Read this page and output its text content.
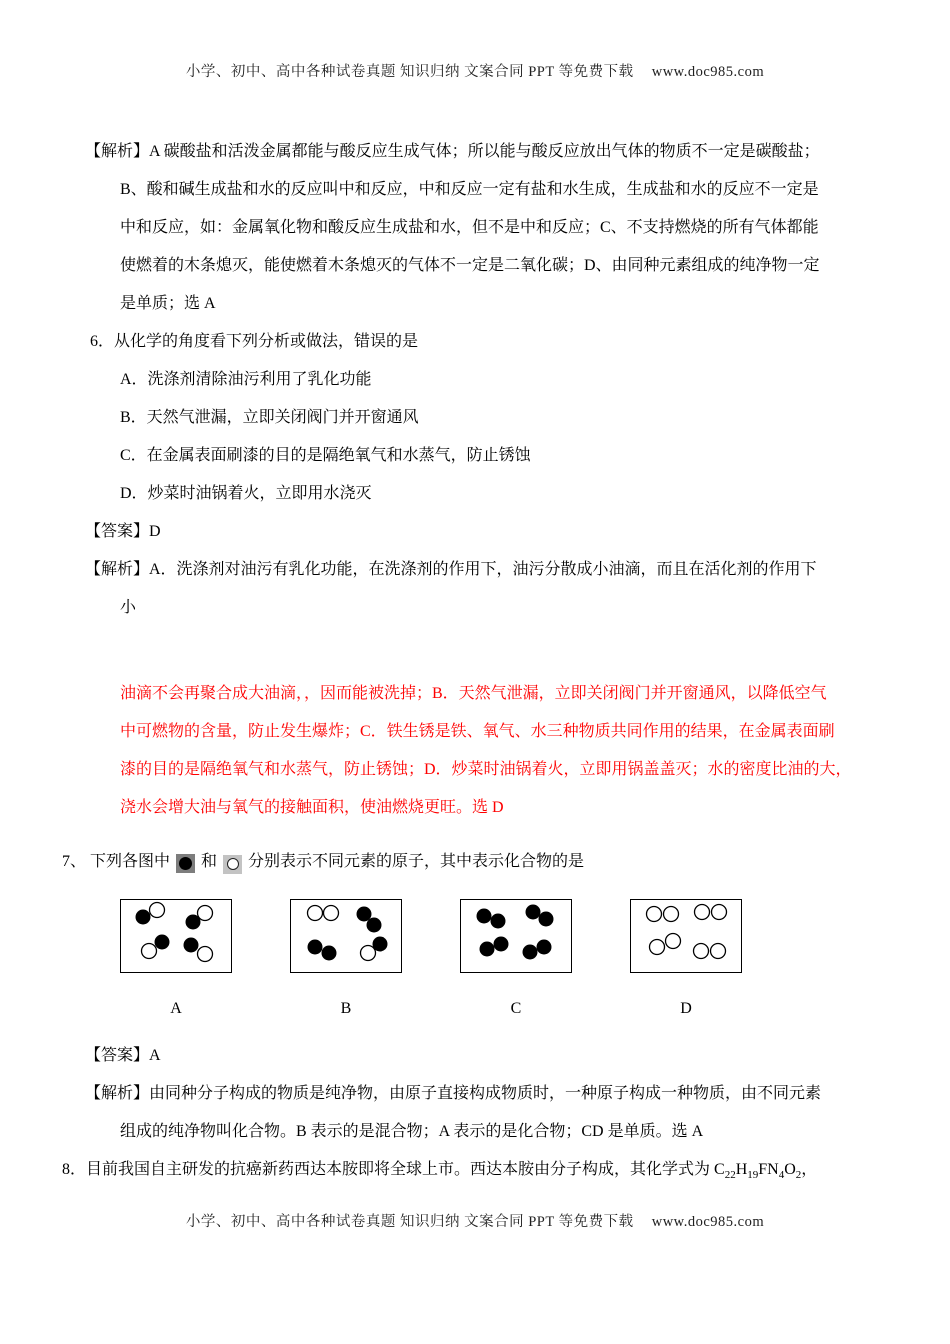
小学、初中、高中各种试卷真题 知识归纳 文案合同 PPT 等免费下载 www.doc985.com
【解析】A 碳酸盐和活泼金属都能与酸反应生成气体；所以能与酸反应放出气体的物质不一定是碳酸盐；
B、酸和碱生成盐和水的反应叫中和反应，中和反应一定有盐和水生成，生成盐和水的反应不一定是
中和反应，如：金属氧化物和酸反应生成盐和水，但不是中和反应；C、不支持燃烧的所有气体都能
使燃着的木条熄灭，能使燃着木条熄灭的气体不一定是二氧化碳；D、由同种元素组成的纯净物一定
是单质；选 A
6．从化学的角度看下列分析或做法，错误的是
A．洗涤剂清除油污利用了乳化功能
B．天然气泄漏，立即关闭阀门并开窗通风
C．在金属表面刷漆的目的是隔绝氧气和水蒸气，防止锈蚀
D．炒菜时油锅着火，立即用水浇灭
【答案】D
【解析】A．洗涤剂对油污有乳化功能，在洗涤剂的作用下，油污分散成小油滴，而且在活化剂的作用下
小
油滴不会再聚合成大油滴，，因而能被洗掉；B．天然气泄漏，立即关闭阀门并开窗通风，以降低空气
中可燃物的含量，防止发生爆炸；C．铁生锈是铁、氧气、水三种物质共同作用的结果，在金属表面刷
漆的目的是隔绝氧气和水蒸气，防止锈蚀；D．炒菜时油锅着火，立即用锅盖盖灭；水的密度比油的大，
浇水会增大油与氧气的接触面积，使油燃烧更旺。选 D
7、 下列各图中 和 分别表示不同元素的原子，其中表示化合物的是
A	B	C	D
【答案】A
【解析】由同种分子构成的物质是纯净物，由原子直接构成物质时，一种原子构成一种物质，由不同元素
组成的纯净物叫化合物。B 表示的是混合物；A 表示的是化合物；CD 是单质。选 A
8．目前我国自主研发的抗癌新药西达本胺即将全球上市。西达本胺由分子构成，其化学式为 $C_{22}H_{19}FN_4O_2$，
小学、初中、高中各种试卷真题 知识归纳 文案合同 PPT 等免费下载 www.doc985.com
